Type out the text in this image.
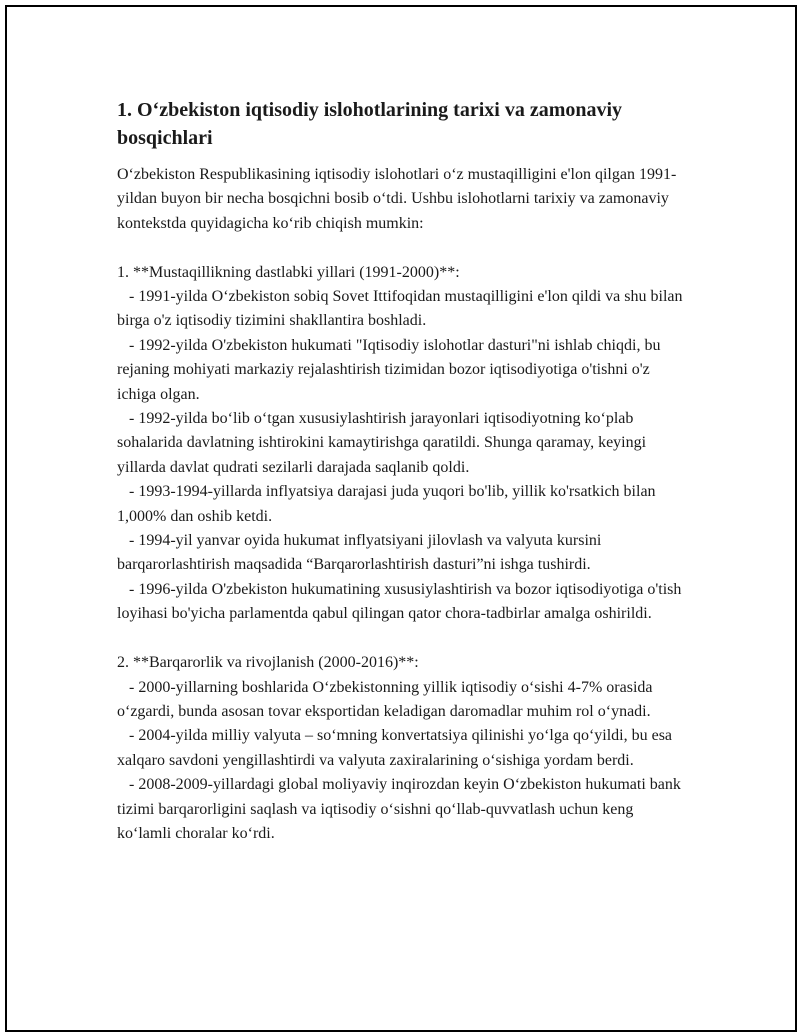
1. O‘zbekiston iqtisodiy islohotlarining tarixi va zamonaviy bosqichlari

O‘zbekiston Respublikasining iqtisodiy islohotlari o‘z mustaqilligini e'lon qilgan 1991-yildan buyon bir necha bosqichni bosib o‘tdi. Ushbu islohotlarni tarixiy va zamonaviy kontekstda quyidagicha ko‘rib chiqish mumkin:

1. **Mustaqillikning dastlabki yillari (1991-2000)**:

- 1991-yilda O‘zbekiston sobiq Sovet Ittifoqidan mustaqilligini e'lon qildi va shu bilan birga o'z iqtisodiy tizimini shakllantira boshladi.

- 1992-yilda O'zbekiston hukumati "Iqtisodiy islohotlar dasturi"ni ishlab chiqdi, bu rejaning mohiyati markaziy rejalashtirish tizimidan bozor iqtisodiyotiga o'tishni o'z ichiga olgan.

- 1992-yilda bo‘lib o‘tgan xususiylashtirish jarayonlari iqtisodiyotning ko‘plab sohalarida davlatning ishtirokini kamaytirishga qaratildi. Shunga qaramay, keyingi yillarda davlat qudrati sezilarli darajada saqlanib qoldi.

- 1993-1994-yillarda inflyatsiya darajasi juda yuqori bo'lib, yillik ko'rsatkich bilan 1,000% dan oshib ketdi.

- 1994-yil yanvar oyida hukumat inflyatsiyani jilovlash va valyuta kursini barqarorlashtirish maqsadida “Barqarorlashtirish dasturi”ni ishga tushirdi.

- 1996-yilda O'zbekiston hukumatining xususiylashtirish va bozor iqtisodiyotiga o'tish loyihasi bo'yicha parlamentda qabul qilingan qator chora-tadbirlar amalga oshirildi.

2. **Barqarorlik va rivojlanish (2000-2016)**:

- 2000-yillarning boshlarida O‘zbekistonning yillik iqtisodiy o‘sishi 4-7% orasida o‘zgardi, bunda asosan tovar eksportidan keladigan daromadlar muhim rol o‘ynadi.

- 2004-yilda milliy valyuta – so‘mning konvertatsiya qilinishi yo‘lga qo‘yildi, bu esa xalqaro savdoni yengillashtirdi va valyuta zaxiralarining o‘sishiga yordam berdi.

- 2008-2009-yillardagi global moliyaviy inqirozdan keyin O‘zbekiston hukumati bank tizimi barqarorligini saqlash va iqtisodiy o‘sishni qo‘llab-quvvatlash uchun keng ko‘lamli choralar ko‘rdi.
